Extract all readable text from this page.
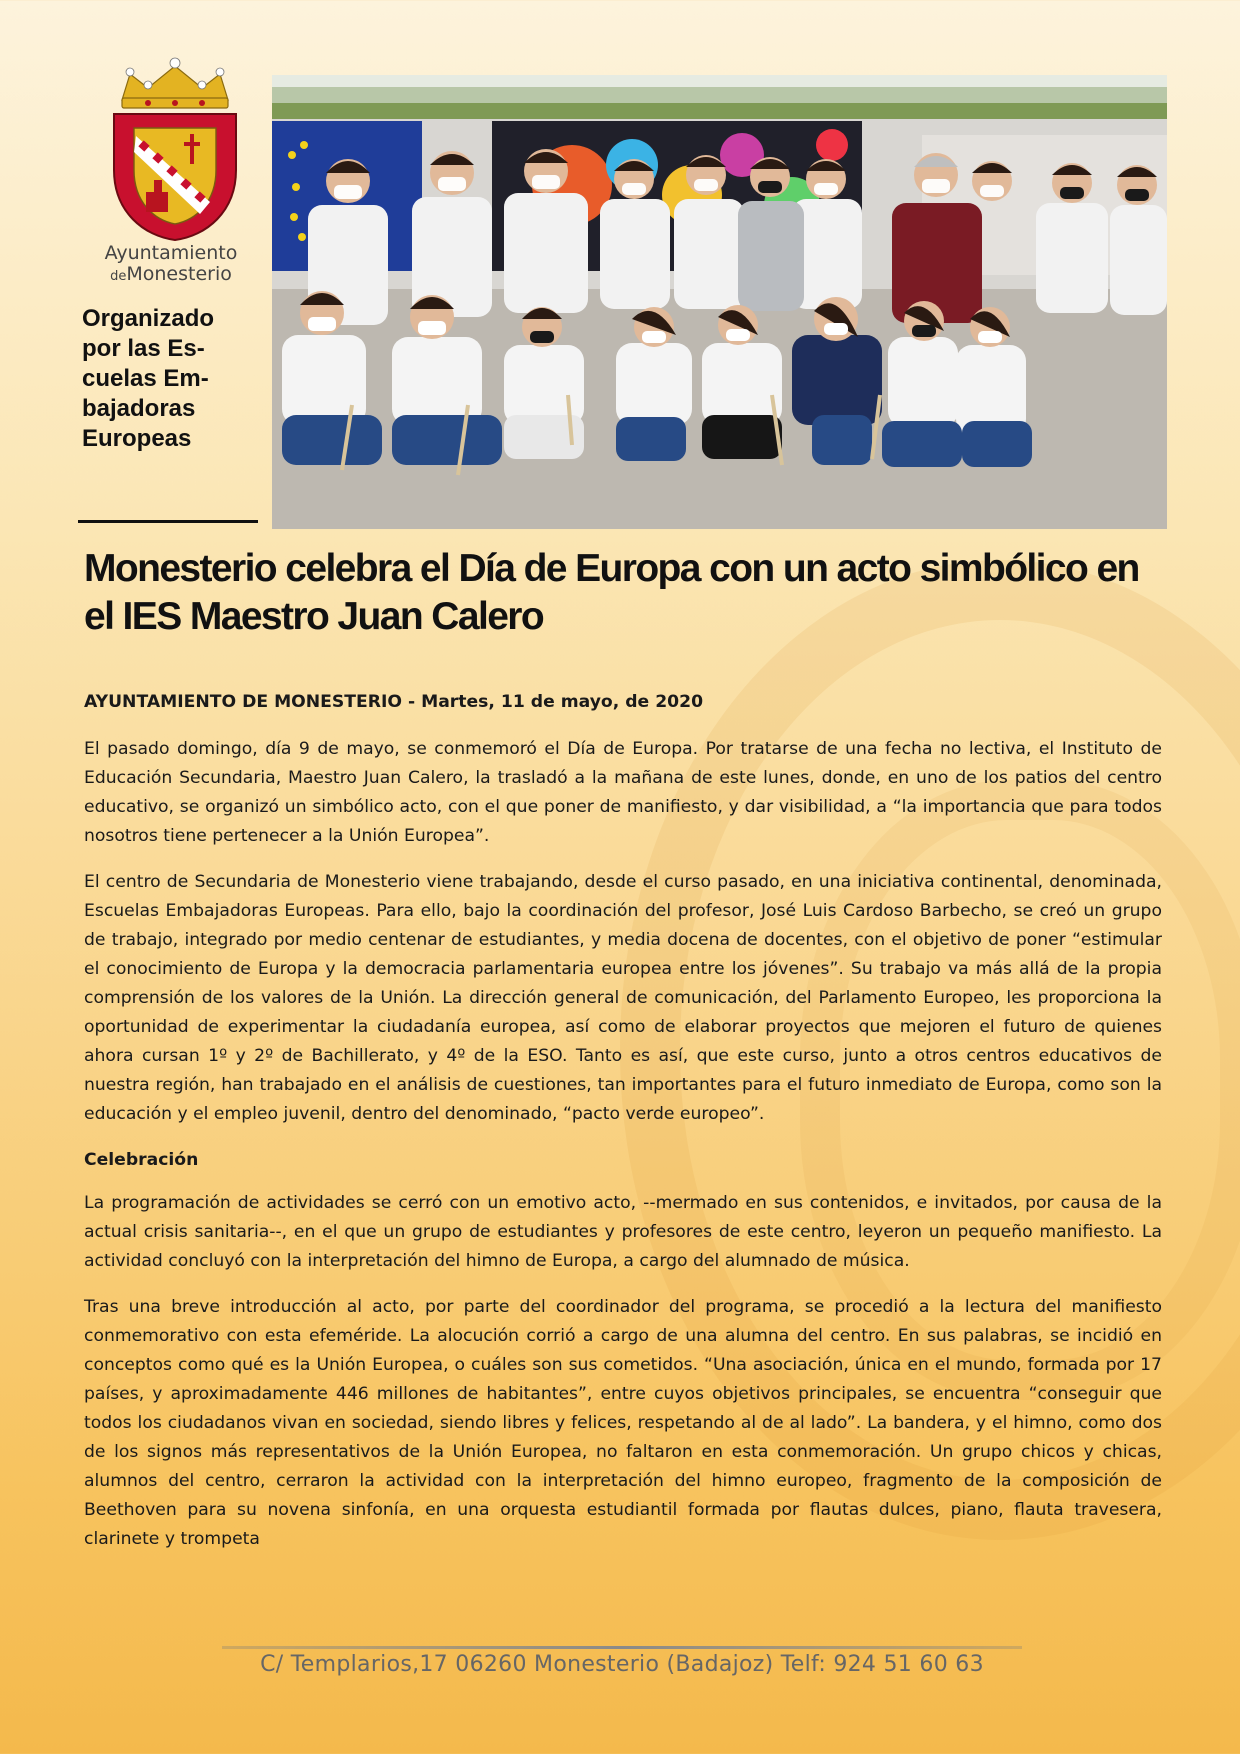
Ayuntamiento
deMonesterio
Organizado por las Es-cuelas Em-bajadoras Europeas
Monesterio celebra el Día de Europa con un acto simbólico en el IES Maestro Juan Calero

AYUNTAMIENTO DE MONESTERIO - Martes, 11 de mayo, de 2020

El pasado domingo, día 9 de mayo, se conmemoró el Día de Europa. Por tratarse de una fecha no lectiva, el Instituto de Educación Secundaria, Maestro Juan Calero, la trasladó a la mañana de este lunes, donde, en uno de los patios del centro educativo, se organizó un simbólico acto, con el que poner de manifiesto, y dar visibilidad, a “la importancia que para todos nosotros tiene pertenecer a la Unión Europea”.

El centro de Secundaria de Monesterio viene trabajando, desde el curso pasado, en una iniciativa continental, denominada, Escuelas Embajadoras Europeas. Para ello, bajo la coordinación del profesor, José Luis Cardoso Barbecho, se creó un grupo de trabajo, integrado por medio centenar de estudiantes, y media docena de docentes, con el objetivo de poner “estimular el conocimiento de Europa y la democracia parlamentaria europea entre los jóvenes”. Su trabajo va más allá de la propia comprensión de los valores de la Unión. La dirección general de comunicación, del Parlamento Europeo, les proporciona la oportunidad de experimentar la ciudadanía europea, así como de elaborar proyectos que mejoren el futuro de quienes ahora cursan 1º y 2º de Bachillerato, y 4º de la ESO. Tanto es así, que este curso, junto a otros centros educativos de nuestra región, han trabajado en el análisis de cuestiones, tan importantes para el futuro inmediato de Europa, como son la educación y el empleo juvenil, dentro del denominado, “pacto verde europeo”.

Celebración

La programación de actividades se cerró con un emotivo acto, --mermado en sus contenidos, e invitados, por causa de la actual crisis sanitaria--, en el que un grupo de estudiantes y profesores de este centro, leyeron un pequeño manifiesto. La actividad concluyó con la interpretación del himno de Europa, a cargo del alumnado de música.

Tras una breve introducción al acto, por parte del coordinador del programa, se procedió a la lectura del manifiesto conmemorativo con esta efeméride. La alocución corrió a cargo de una alumna del centro. En sus palabras, se incidió en conceptos como qué es la Unión Europea, o cuáles son sus cometidos. “Una asociación, única en el mundo, formada por 17 países, y aproximadamente 446 millones de habitantes”, entre cuyos objetivos principales, se encuentra “conseguir que todos los ciudadanos vivan en sociedad, siendo libres y felices, respetando al de al lado”. La bandera, y el himno, como dos de los signos más representativos de la Unión Europea, no faltaron en esta conmemoración. Un grupo chicos y chicas, alumnos del centro, cerraron la actividad con la interpretación del himno europeo, fragmento de la composición de Beethoven para su novena sinfonía, en una orquesta estudiantil formada por flautas dulces, piano, flauta travesera, clarinete y trompeta

C/ Templarios,17 06260 Monesterio (Badajoz) Telf: 924 51 60 63
